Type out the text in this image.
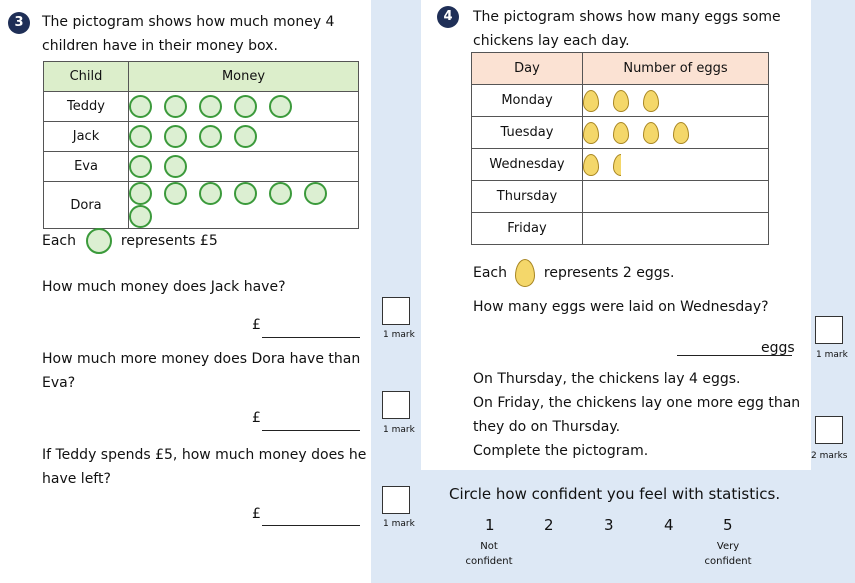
3	The pictogram shows how much money 4
children have in their money box.
Child	Money
Teddy	
Jack	
Eva	
Dora	
Each	represents £5
How much money does Jack have?
£
1 mark
How much more money does Dora have than
Eva?
£
1 mark
If Teddy spends £5, how much money does he
have left?
£
1 mark
4	The pictogram shows how many eggs some
chickens lay each day.
Day	Number of eggs
Monday	
Tuesday	
Wednesday	
Thursday	
Friday	
Each	represents 2 eggs.
How many eggs were laid on Wednesday?
eggs 1 mark
On Thursday, the chickens lay 4 eggs.
On Friday, the chickens lay one more egg than
they do on Thursday.
Complete the pictogram.	2 marks
Circle how confident you feel with statistics.
1	2	3	4	5
Not
confident
Very
confident
